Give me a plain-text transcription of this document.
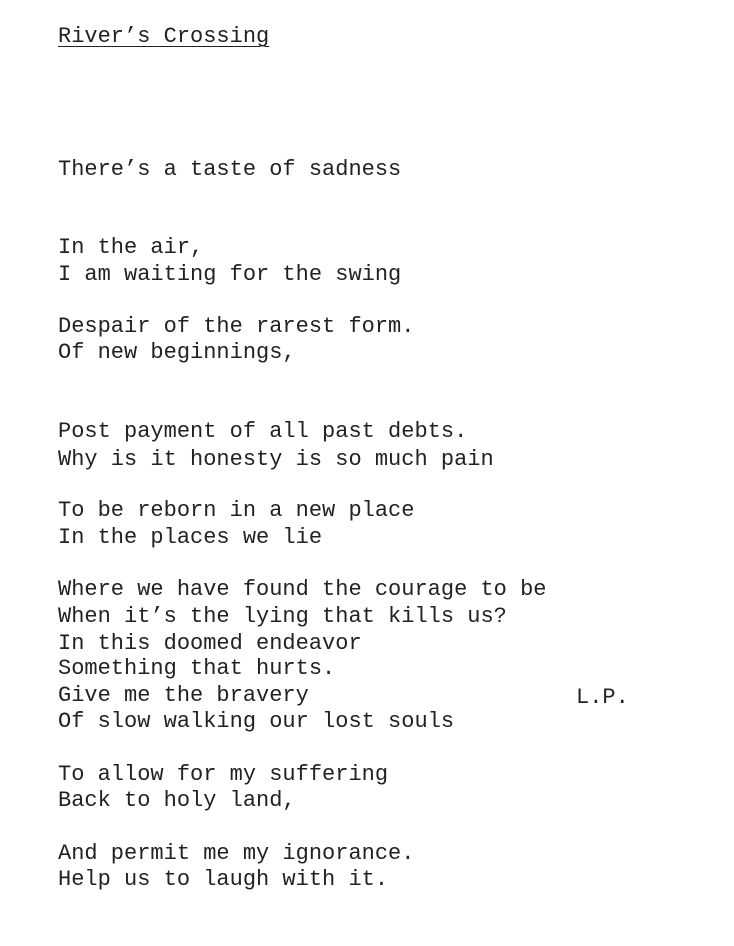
River’s Crossing

There’s a taste of sadness

In the air,

Despair of the rarest form.

I am waiting for the swing

Of new beginnings,

Post payment of all past debts.

To be reborn in a new place

Where we have found the courage to be

Something that hurts.

Why is it honesty is so much pain

In the places we lie

When it’s the lying that kills us?

Give me the bravery

To allow for my suffering

And permit me my ignorance.

In this doomed endeavor

Of slow walking our lost souls

Back to holy land,

Help us to laugh with it.

L.P.
